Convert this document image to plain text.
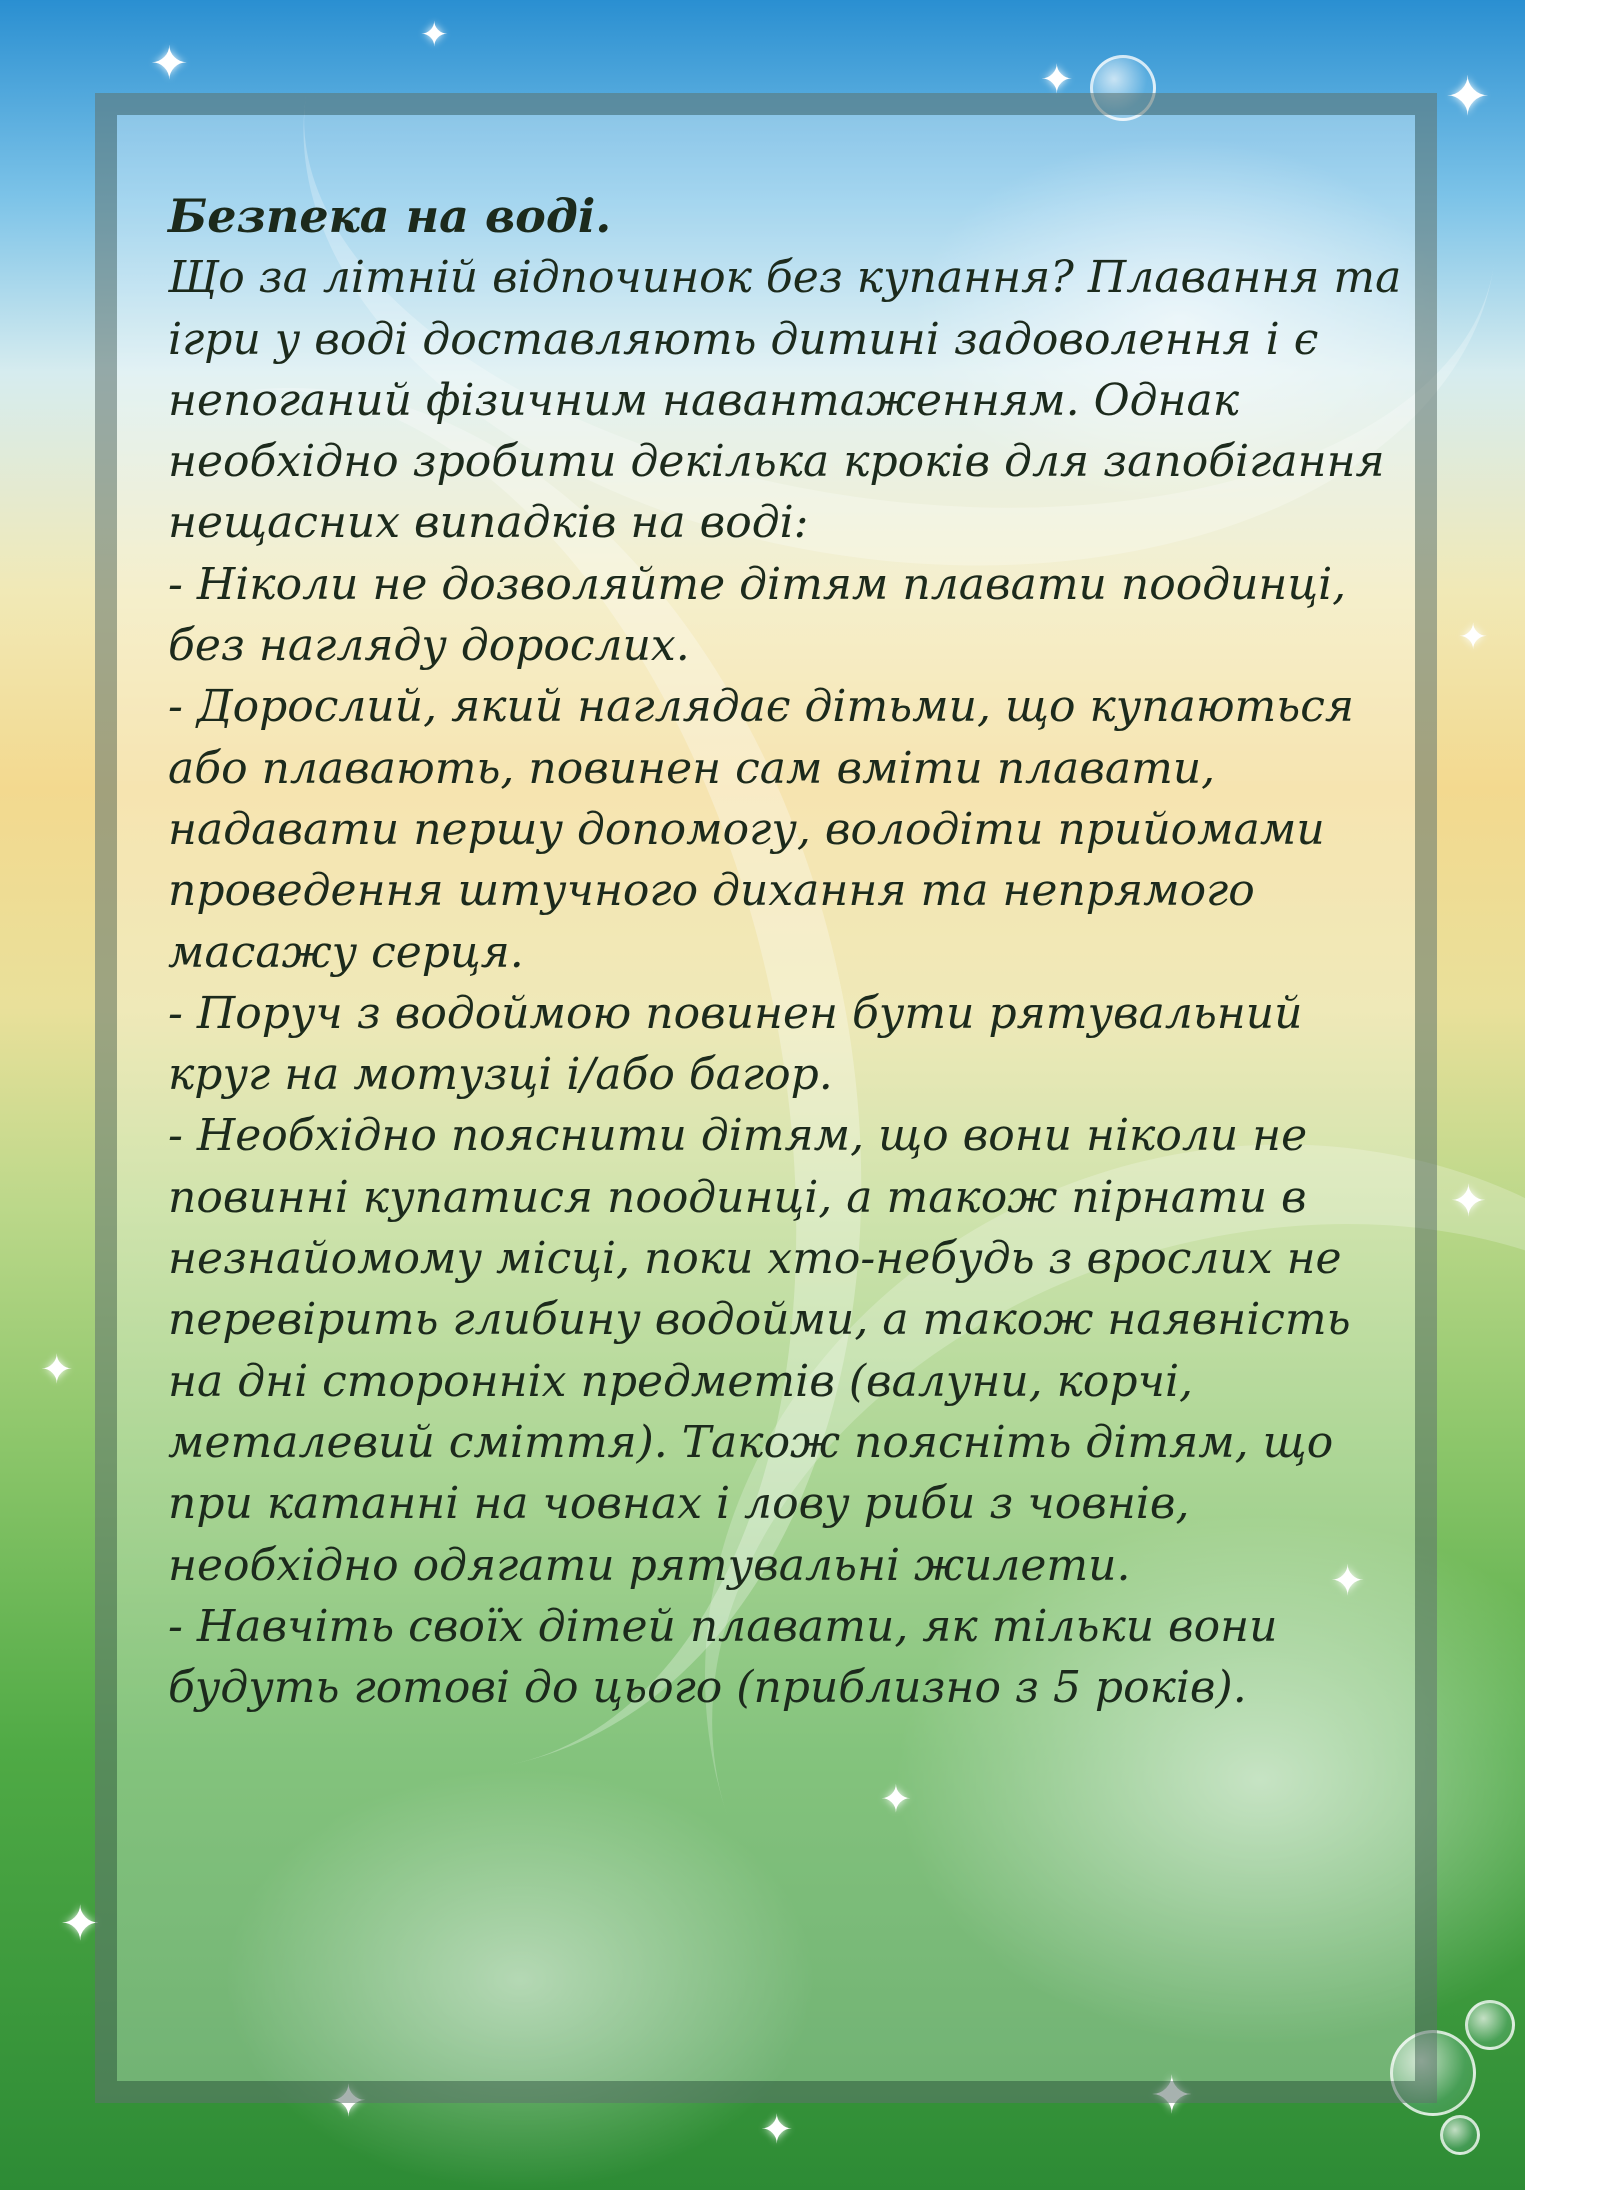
✦
✦
✦	✦
✦
✦
✦
✦
✦
✦
✦
✦
✦
Безпека на воді.

Що за літній відпочинок без купання? Плавання та ігри у воді доставляють дитині задоволення і є непоганий фізичним навантаженням. Однак необхідно зробити декілька кроків для запобігання нещасних випадків на воді:

- Ніколи не дозволяйте дітям плавати поодинці, без нагляду дорослих.

- Дорослий, який наглядає дітьми, що купаються або плавають, повинен сам вміти плавати, надавати першу допомогу, володіти прийомами проведення штучного дихання та непрямого масажу серця.

- Поруч з водоймою повинен бути рятувальний круг на мотузці і/або багор.

- Необхідно пояснити дітям, що вони ніколи не повинні купатися поодинці, а також пірнати в незнайомому місці, поки хто-небудь з врослих не перевірить глибину водойми, а також наявність на дні сторонніх предметів (валуни, корчі, металевий сміття). Також поясніть дітям, що при катанні на човнах і лову риби з човнів, необхідно одягати рятувальні жилети.

- Навчіть своїх дітей плавати, як тільки вони будуть готові до цього (приблизно з 5 років).
